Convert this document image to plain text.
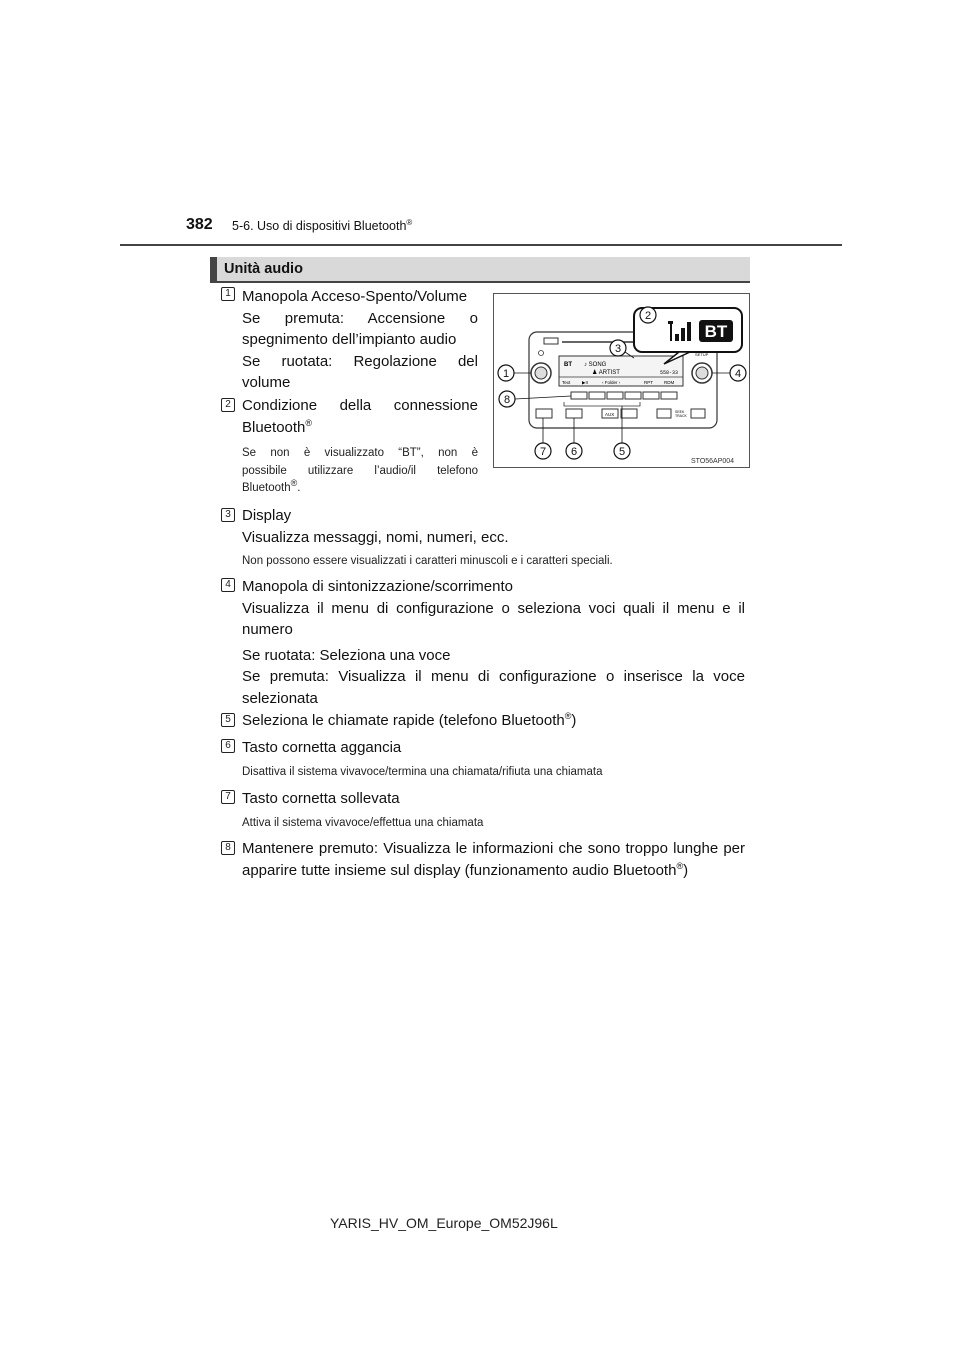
382 5-6. Uso di dispositivi Bluetooth®
Unità audio
1 Manopola Acceso-Spento/Volume
Se premuta: Accensione o
spegnimento dell’impianto audio
Se ruotata: Regolazione del
volume
2 Condizione della connessione
Bluetooth®
Se non è visualizzato “BT”, non è
possibile utilizzare l’audio/il telefono
Bluetooth®.
BT ♪ SONG
♟ ARTIST	558-33
Text	▶II	‹ Folder ›	RPT RDM
SETUP
AUX	SEEK
TRACK
BT
2
3
1	4
8
7 6	5
STO56AP004
3 Display
Visualizza messaggi, nomi, numeri, ecc.
Non possono essere visualizzati i caratteri minuscoli e i caratteri speciali.
4 Manopola di sintonizzazione/scorrimento
Visualizza il menu di configurazione o seleziona voci quali il menu e il
numero
Se ruotata: Seleziona una voce
Se premuta: Visualizza il menu di configurazione o inserisce la voce
selezionata
5 Seleziona le chiamate rapide (telefono Bluetooth®)
6 Tasto cornetta aggancia
Disattiva il sistema vivavoce/termina una chiamata/rifiuta una chiamata
7 Tasto cornetta sollevata
Attiva il sistema vivavoce/effettua una chiamata
8 Mantenere premuto: Visualizza le informazioni che sono troppo lunghe per
apparire tutte insieme sul display (funzionamento audio Bluetooth®)
YARIS_HV_OM_Europe_OM52J96L
